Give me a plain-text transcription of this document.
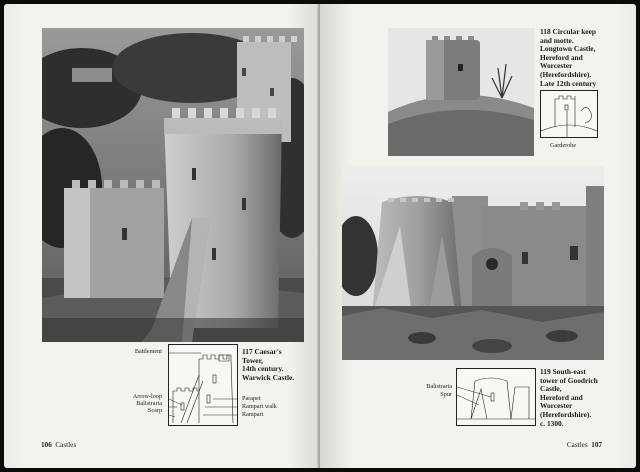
Battlement
Arrow-loop
Balistraria
Scarp
Parapet
Rampart walk
Rampart
117 Caesar's
Tower,
14th century.
Warwick Castle.
106 Castles
118 Circular keep
and motte.
Longtown Castle,
Hereford and
Worcester
(Herefordshire).
Late 12th century
Garderobe
Balistraria
Spur
119 South-east
tower of Goodrich
Castle,
Hereford and
Worcester
(Herefordshire).
c. 1300.
Castles 107
